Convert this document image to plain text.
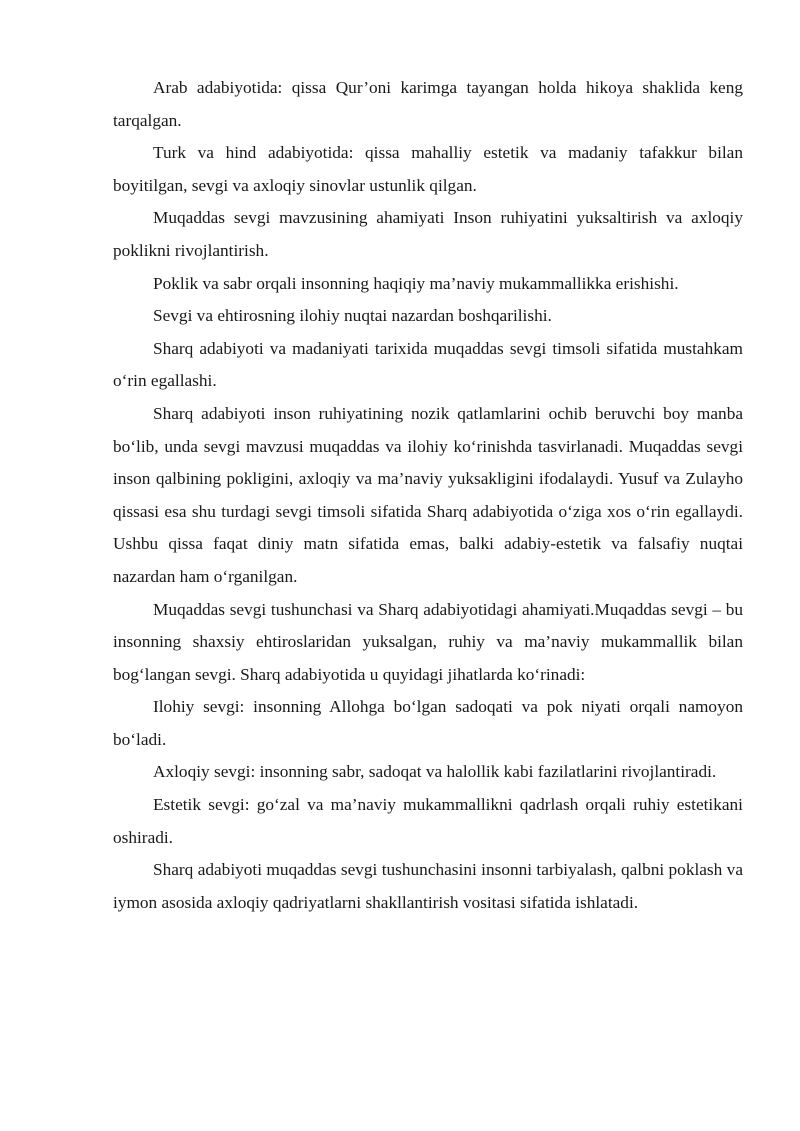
Arab adabiyotida: qissa Qur’oni karimga tayangan holda hikoya shaklida keng tarqalgan.

Turk va hind adabiyotida: qissa mahalliy estetik va madaniy tafakkur bilan boyitilgan, sevgi va axloqiy sinovlar ustunlik qilgan.

Muqaddas sevgi mavzusining ahamiyati Inson ruhiyatini yuksaltirish va axloqiy poklikni rivojlantirish.

Poklik va sabr orqali insonning haqiqiy ma’naviy mukammallikka erishishi.

Sevgi va ehtirosning ilohiy nuqtai nazardan boshqarilishi.

Sharq adabiyoti va madaniyati tarixida muqaddas sevgi timsoli sifatida mustahkam o‘rin egallashi.

Sharq adabiyoti inson ruhiyatining nozik qatlamlarini ochib beruvchi boy manba bo‘lib, unda sevgi mavzusi muqaddas va ilohiy ko‘rinishda tasvirlanadi. Muqaddas sevgi inson qalbining pokligini, axloqiy va ma’naviy yuksakligini ifodalaydi. Yusuf va Zulayho qissasi esa shu turdagi sevgi timsoli sifatida Sharq adabiyotida o‘ziga xos o‘rin egallaydi. Ushbu qissa faqat diniy matn sifatida emas, balki adabiy-estetik va falsafiy nuqtai nazardan ham o‘rganilgan.

Muqaddas sevgi tushunchasi va Sharq adabiyotidagi ahamiyati.Muqaddas sevgi – bu insonning shaxsiy ehtiroslaridan yuksalgan, ruhiy va ma’naviy mukammallik bilan bog‘langan sevgi. Sharq adabiyotida u quyidagi jihatlarda ko‘rinadi:

Ilohiy sevgi: insonning Allohga bo‘lgan sadoqati va pok niyati orqali namoyon bo‘ladi.

Axloqiy sevgi: insonning sabr, sadoqat va halollik kabi fazilatlarini rivojlantiradi.

Estetik sevgi: go‘zal va ma’naviy mukammallikni qadrlash orqali ruhiy estetikani oshiradi.

Sharq adabiyoti muqaddas sevgi tushunchasini insonni tarbiyalash, qalbni poklash va iymon asosida axloqiy qadriyatlarni shakllantirish vositasi sifatida ishlatadi.
